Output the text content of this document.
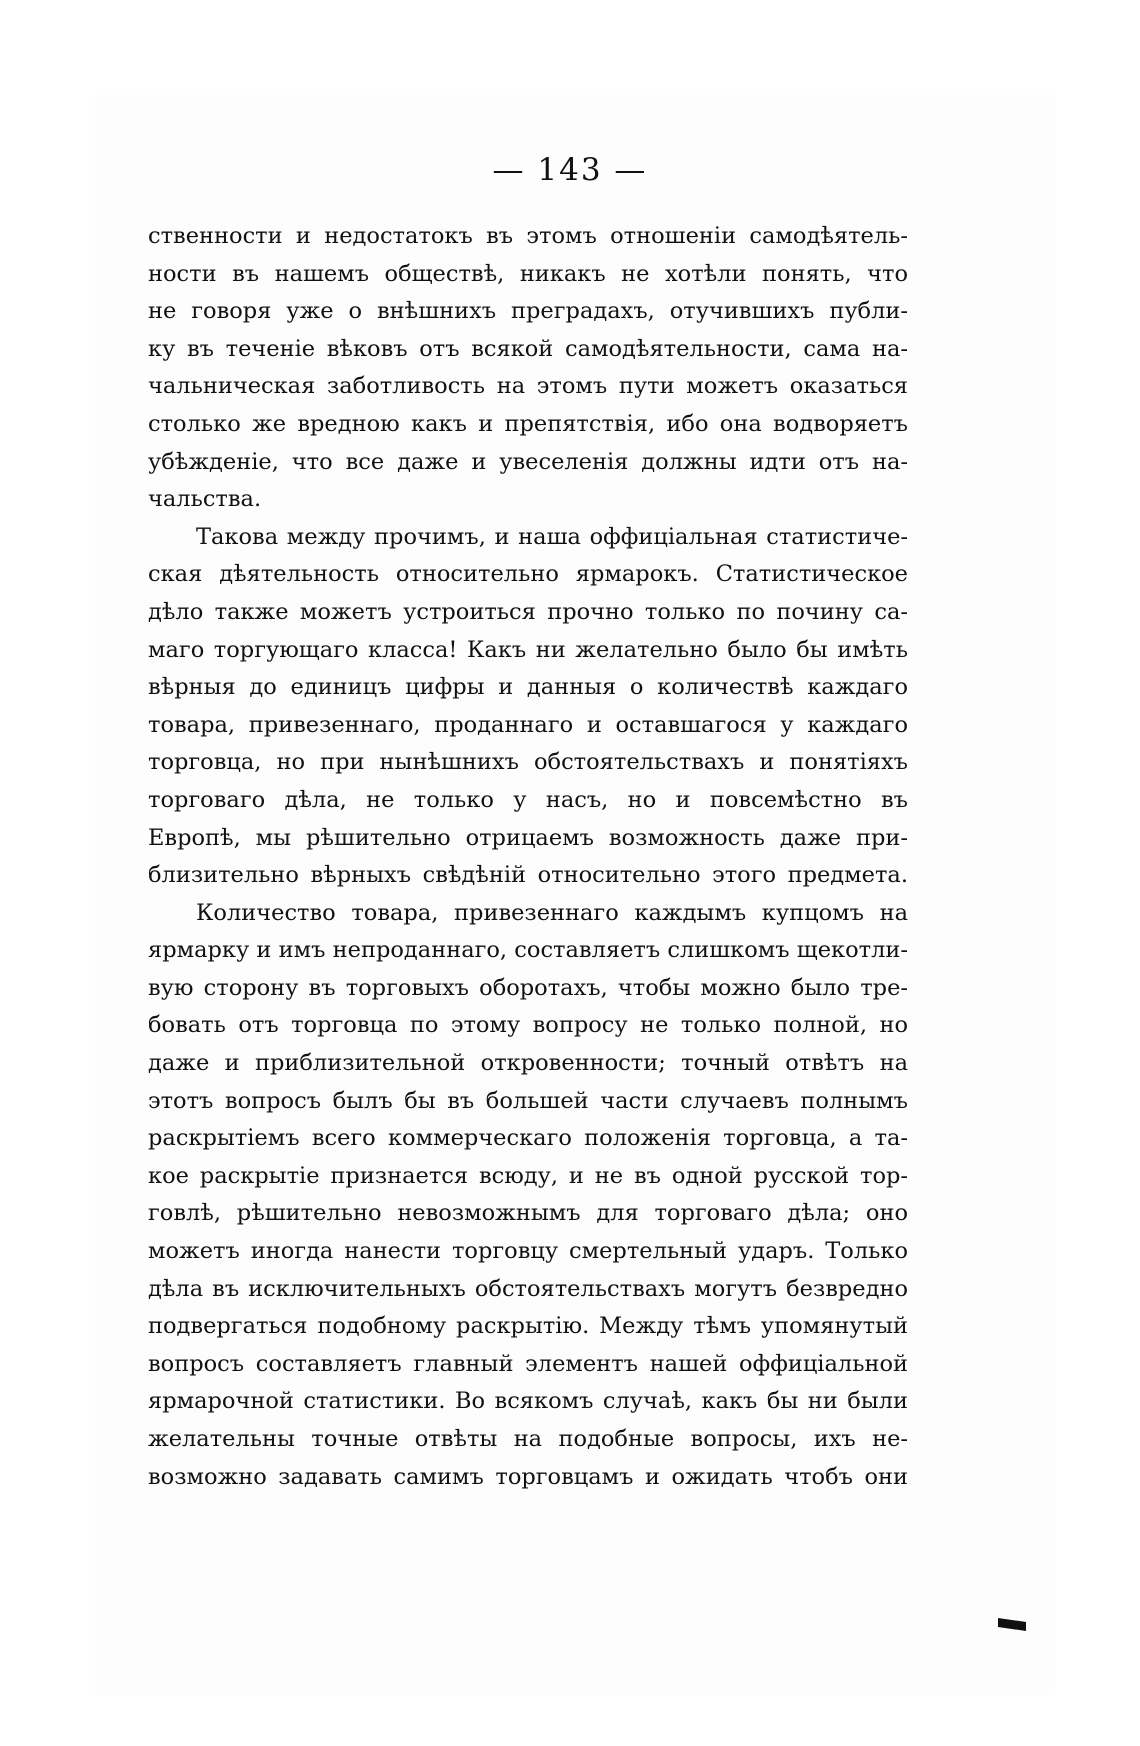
— 143 —
ственности и недостатокъ въ этомъ отношеніи самодѣятель-
ности въ нашемъ обществѣ, никакъ не хотѣли понять, что
не говоря уже о внѣшнихъ преградахъ, отучившихъ публи-
ку въ теченіе вѣковъ отъ всякой самодѣятельности, сама на-
чальническая заботливость на этомъ пути можетъ оказаться
столько же вредною какъ и препятствія, ибо она водворяетъ
убѣжденіе, что все даже и увеселенія должны идти отъ на-
чальства.
Такова между прочимъ, и наша оффиціальная статистиче-
ская дѣятельность относительно ярмарокъ. Статистическое
дѣло также можетъ устроиться прочно только по почину са-
маго торгующаго класса! Какъ ни желательно было бы имѣть
вѣрныя до единицъ цифры и данныя о количествѣ каждаго
товара, привезеннаго, проданнаго и оставшагося у каждаго
торговца, но при нынѣшнихъ обстоятельствахъ и понятіяхъ
торговаго дѣла, не только у насъ, но и повсемѣстно въ
Европѣ, мы рѣшительно отрицаемъ возможность даже при-
близительно вѣрныхъ свѣдѣній относительно этого предмета.
Количество товара, привезеннаго каждымъ купцомъ на
ярмарку и имъ непроданнаго, составляетъ слишкомъ щекотли-
вую сторону въ торговыхъ оборотахъ, чтобы можно было тре-
бовать отъ торговца по этому вопросу не только полной, но
даже и приблизительной откровенности; точный отвѣтъ на
этотъ вопросъ былъ бы въ большей части случаевъ полнымъ
раскрытіемъ всего коммерческаго положенія торговца, а та-
кое раскрытіе признается всюду, и не въ одной русской тор-
говлѣ, рѣшительно невозможнымъ для торговаго дѣла; оно
можетъ иногда нанести торговцу смертельный ударъ. Только
дѣла въ исключительныхъ обстоятельствахъ могутъ безвредно
подвергаться подобному раскрытію. Между тѣмъ упомянутый
вопросъ составляетъ главный элементъ нашей оффиціальной
ярмарочной статистики. Во всякомъ случаѣ, какъ бы ни были
желательны точные отвѣты на подобные вопросы, ихъ не-
возможно задавать самимъ торговцамъ и ожидать чтобъ они
